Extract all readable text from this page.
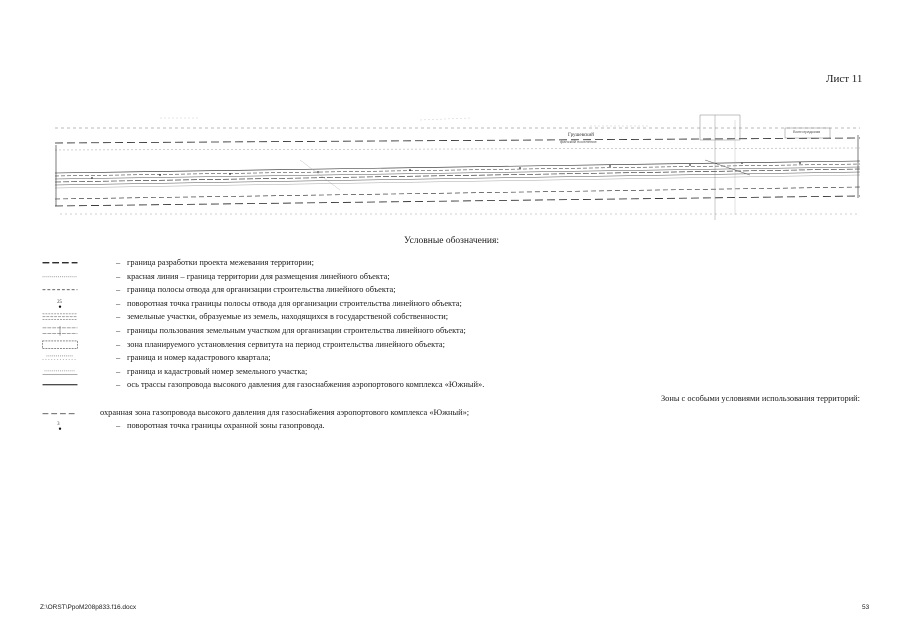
Лист 11
Грушевский
фанский поселение
Волгоградская
Условные обозначения:
– граница разработки проекта межевания территории;
– красная линия – граница территории для размещения линейного объекта;
– граница полосы отвода для организации строительства линейного объекта;
25	– поворотная точка границы полосы отвода для организации строительства линейного объекта;
– земельные участки, образуемые из земель, находящихся в государственой собственности;
– границы пользования земельным участком для организации строительства линейного объекта;
– зона планируемого установления сервитута на период строительства линейного объекта;
– граница и номер кадастрового квартала;
– граница и кадастровый номер земельного участка;
– ось трассы газопровода высокого давления для газоснабжения аэропортового комплекса «Южный».
Зоны с особыми условиями использования территорий:
охранная зона газопровода высокого давления для газоснабжения аэропортового комплекса «Южный»;
3	– поворотная точка границы охранной зоны газопровода.
Z:\ORST\PpoM208p833.f16.docx	53
